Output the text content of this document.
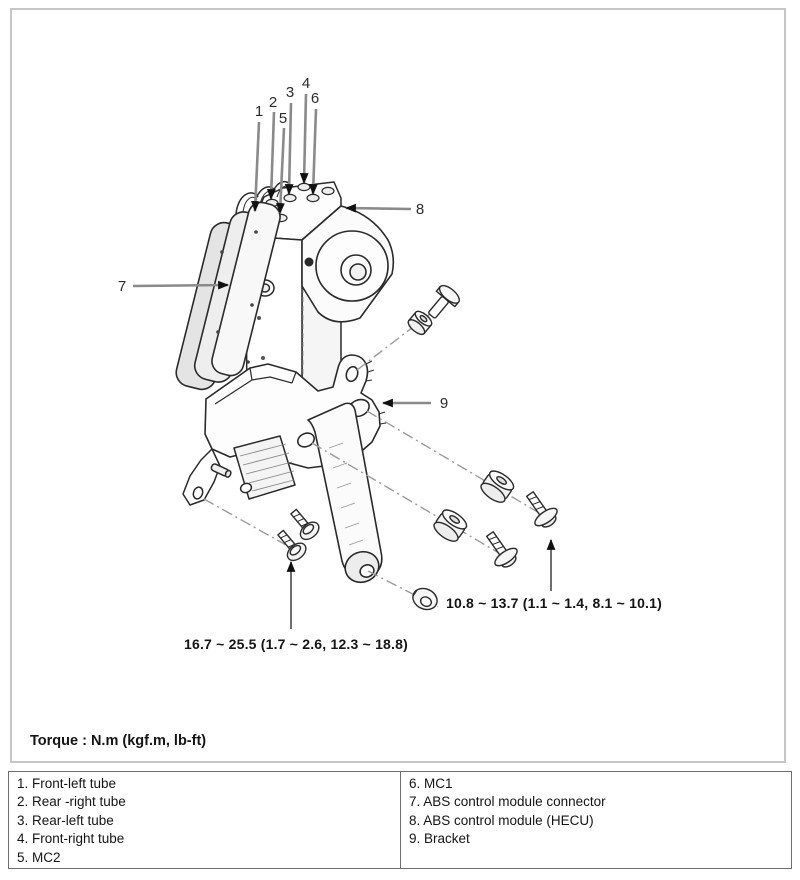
1
2
5
3
4
6
7
8
9
16.7 ~ 25.5 (1.7 ~ 2.6, 12.3 ~ 18.8)
10.8 ~ 13.7 (1.1 ~ 1.4, 8.1 ~ 10.1)
Torque : N.m (kgf.m, lb-ft)
1. Front-left tube
2. Rear -right tube
3. Rear-left tube
4. Front-right tube
5. MC2
6. MC1
7. ABS control module connector
8. ABS control module (HECU)
9. Bracket
